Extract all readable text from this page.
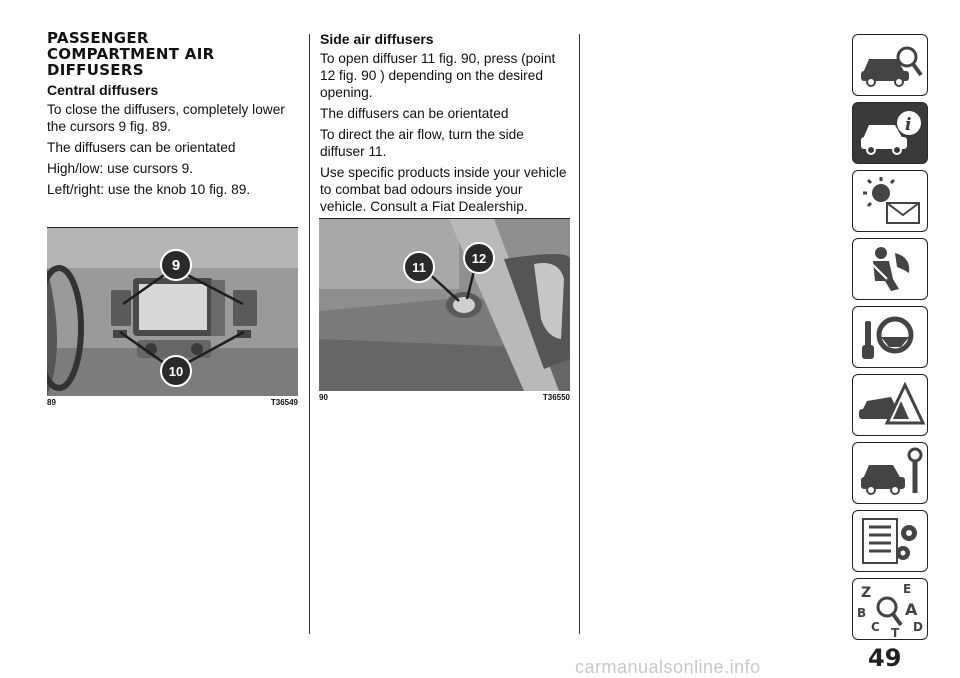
PASSENGER
COMPARTMENT AIR
DIFFUSERS
Central diffusers

To close the diffusers, completely lower the cursors 9 fig. 89.

The diffusers can be orientated

High/low: use cursors 9.

Left/right: use the knob 10 fig. 89.

Side air diffusers

To open diffuser 11 fig. 90, press (point 12 fig. 90 ) depending on the desired opening.

The diffusers can be orientated

To direct the air flow, turn the side diffuser 11.

Use specific products inside your vehicle to combat bad odours inside your vehicle. Consult a Fiat Dealership.

9
10
89	T36549
11
12
90	T36550
i
Z	E
B A
C	D
T
49
carmanualsonline.info
